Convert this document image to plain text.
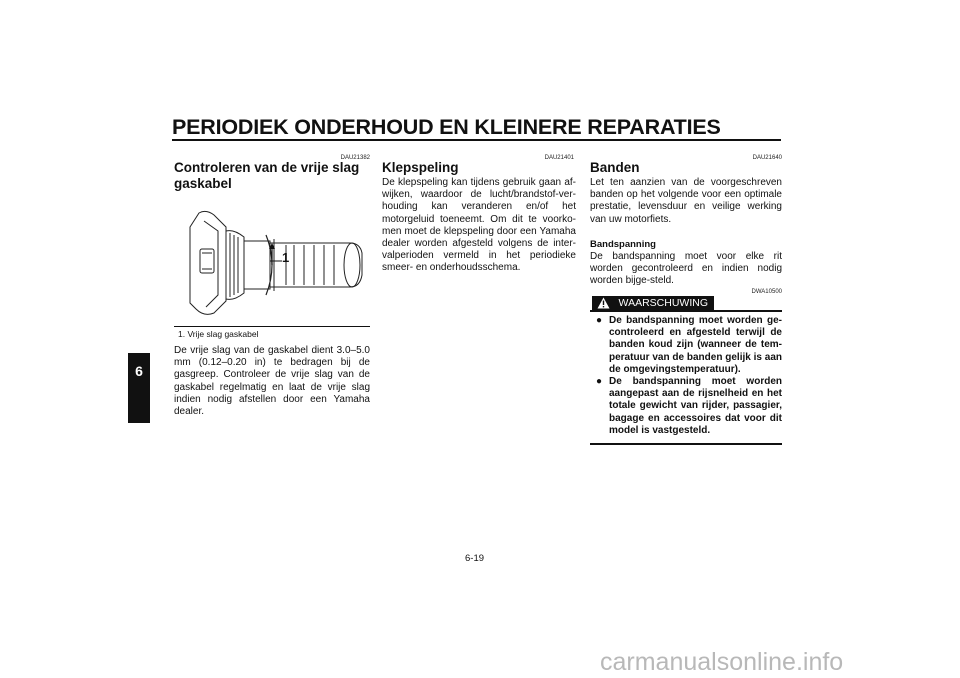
PERIODIEK ONDERHOUD EN KLEINERE REPARATIES
6
DAU21382
Controleren van de vrije slag gaskabel
1
1. Vrije slag gaskabel
De vrije slag van de gaskabel dient 3.0–5.0 mm (0.12–0.20 in) te bedragen bij de gasgreep. Controleer de vrije slag van de gaskabel regelmatig en laat de vrije slag indien nodig afstellen door een Yamaha dealer.
DAU21401
Klepspeling
De klepspeling kan tijdens gebruik gaan af-wijken, waardoor de lucht/brandstof-ver-houding kan veranderen en/of het motorgeluid toeneemt. Om dit te voorko-men moet de klepspeling door een Yamaha dealer worden afgesteld volgens de inter-valperioden vermeld in het periodieke smeer- en onderhoudsschema.
DAU21640
Banden
Let ten aanzien van de voorgeschreven banden op het volgende voor een optimale prestatie, levensduur en veilige werking van uw motorfiets.
Bandspanning
De bandspanning moet voor elke rit worden gecontroleerd en indien nodig worden bijge-steld.
DWA10500
WAARSCHUWING
● De bandspanning moet worden ge-controleerd en afgesteld terwijl de banden koud zijn (wanneer de tem-peratuur van de banden gelijk is aan de omgevingstemperatuur).
● De bandspanning moet worden aangepast aan de rijsnelheid en het totale gewicht van rijder, passagier, bagage en accessoires dat voor dit model is vastgesteld.
6-19
carmanualsonline.info
